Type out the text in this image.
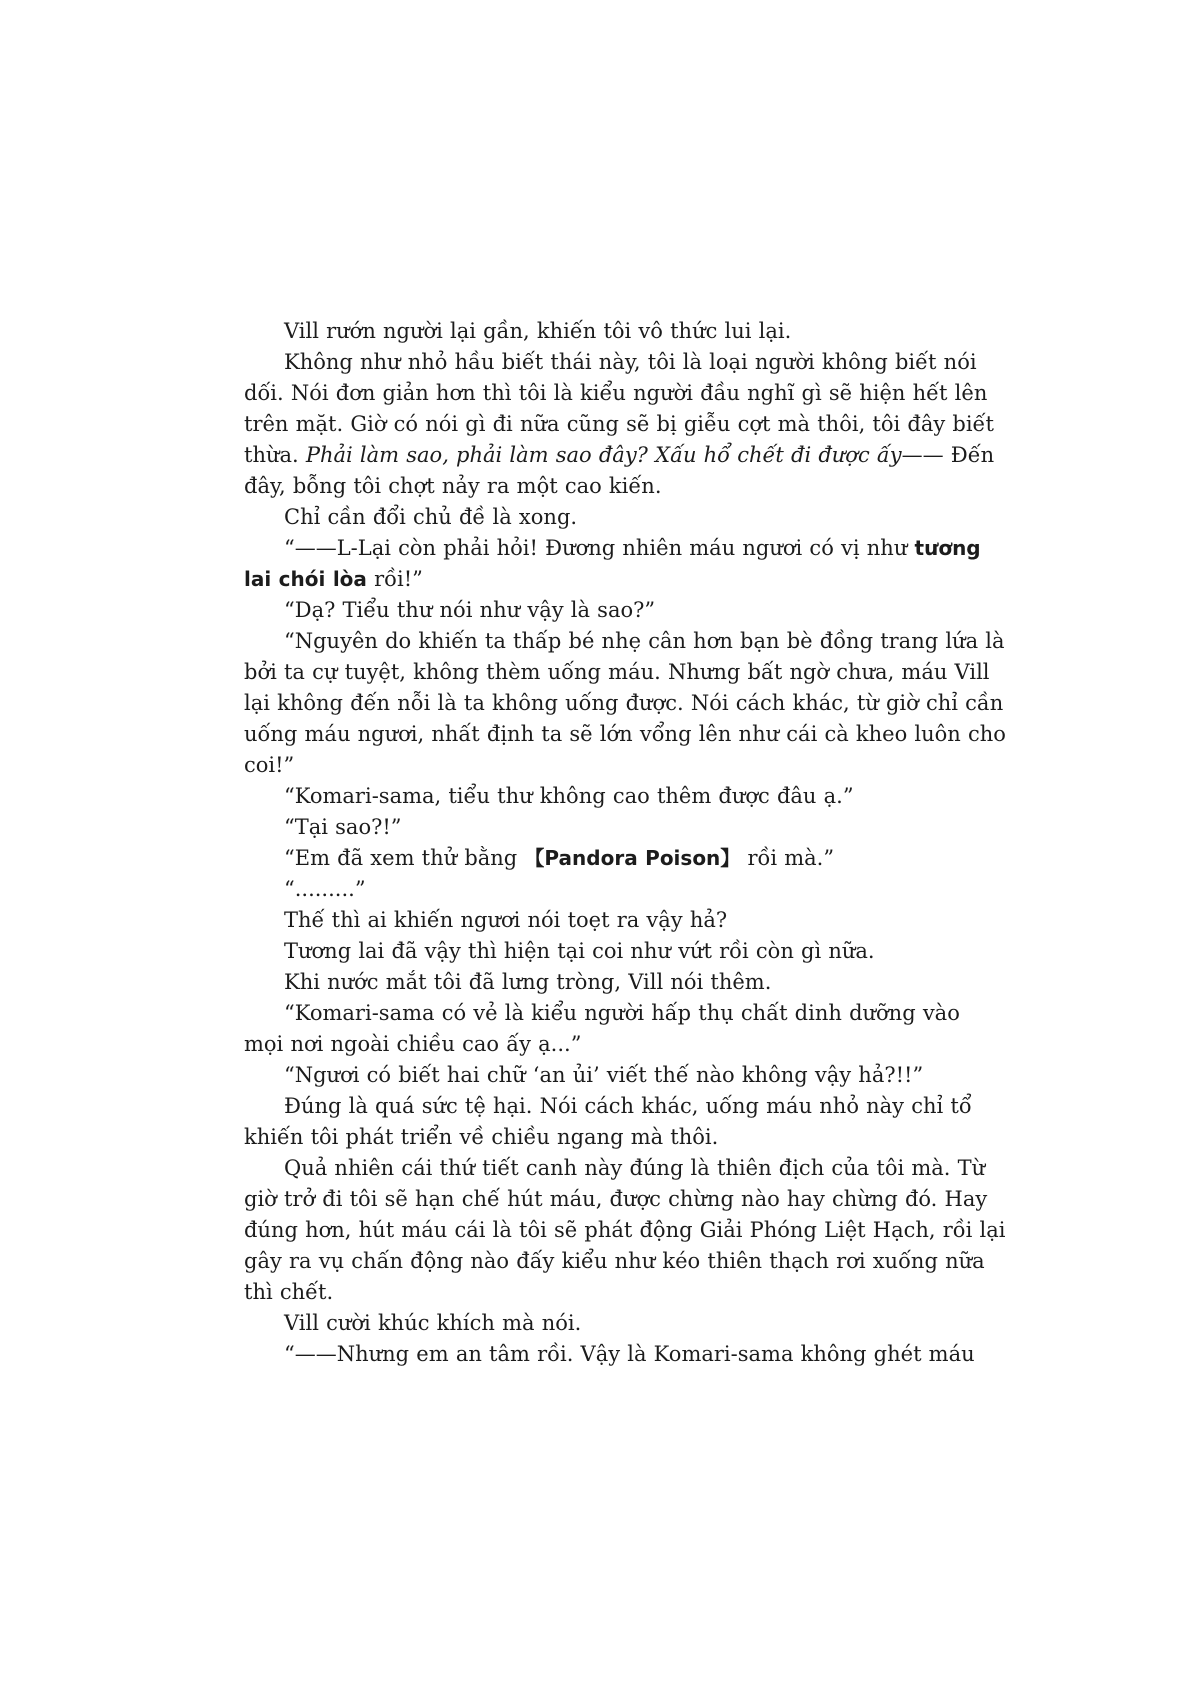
Vill rướn người lại gần, khiến tôi vô thức lui lại.
Không như nhỏ hầu biết thái này, tôi là loại người không biết nói
dối. Nói đơn giản hơn thì tôi là kiểu người đầu nghĩ gì sẽ hiện hết lên
trên mặt. Giờ có nói gì đi nữa cũng sẽ bị giễu cợt mà thôi, tôi đây biết
thừa. Phải làm sao, phải làm sao đây? Xấu hổ chết đi được ấy—— Đến
đây, bỗng tôi chợt nảy ra một cao kiến.
Chỉ cần đổi chủ đề là xong.
“——L-Lại còn phải hỏi! Đương nhiên máu ngươi có vị như tương
lai chói lòa rồi!”
“Dạ? Tiểu thư nói như vậy là sao?”
“Nguyên do khiến ta thấp bé nhẹ cân hơn bạn bè đồng trang lứa là
bởi ta cự tuyệt, không thèm uống máu. Nhưng bất ngờ chưa, máu Vill
lại không đến nỗi là ta không uống được. Nói cách khác, từ giờ chỉ cần
uống máu ngươi, nhất định ta sẽ lớn vổng lên như cái cà kheo luôn cho
coi!”
“Komari-sama, tiểu thư không cao thêm được đâu ạ.”
“Tại sao?!”
“Em đã xem thử bằng 【Pandora Poison】 rồi mà.”
“.........”
Thế thì ai khiến ngươi nói toẹt ra vậy hả?
Tương lai đã vậy thì hiện tại coi như vứt rồi còn gì nữa.
Khi nước mắt tôi đã lưng tròng, Vill nói thêm.
“Komari-sama có vẻ là kiểu người hấp thụ chất dinh dưỡng vào
mọi nơi ngoài chiều cao ấy ạ...”
“Ngươi có biết hai chữ ‘an ủi’ viết thế nào không vậy hả?!!”
Đúng là quá sức tệ hại. Nói cách khác, uống máu nhỏ này chỉ tổ
khiến tôi phát triển về chiều ngang mà thôi.
Quả nhiên cái thứ tiết canh này đúng là thiên địch của tôi mà. Từ
giờ trở đi tôi sẽ hạn chế hút máu, được chừng nào hay chừng đó. Hay
đúng hơn, hút máu cái là tôi sẽ phát động Giải Phóng Liệt Hạch, rồi lại
gây ra vụ chấn động nào đấy kiểu như kéo thiên thạch rơi xuống nữa
thì chết.
Vill cười khúc khích mà nói.
“——Nhưng em an tâm rồi. Vậy là Komari-sama không ghét máu
